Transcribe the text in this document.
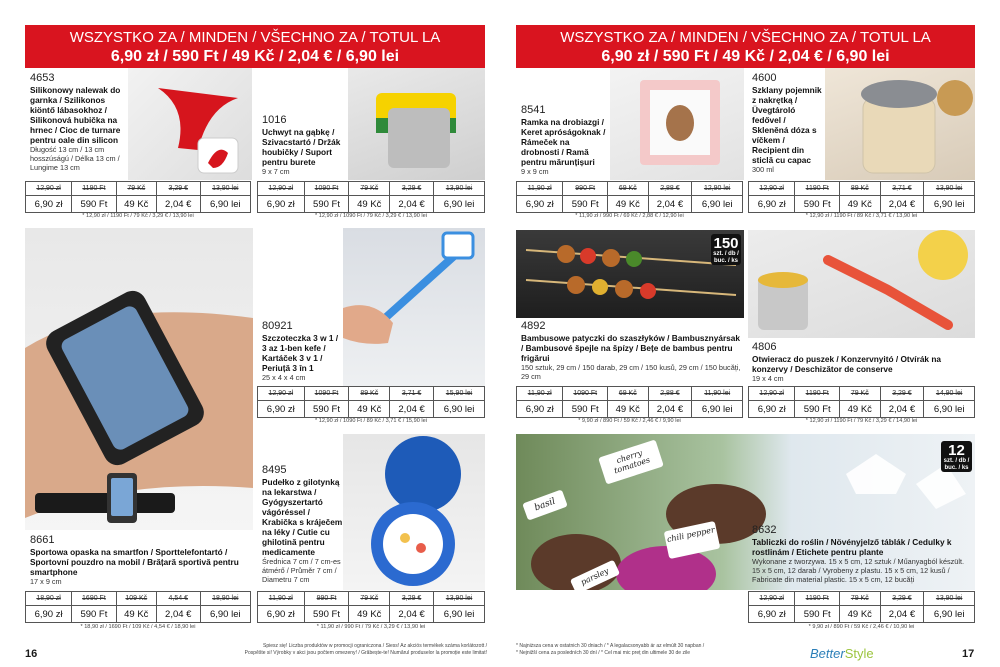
WSZYSTKO ZA / MINDEN / VŠECHNO ZA / TOTUL LA
6,90 zł / 590 Ft / 49 Kč / 2,04 € / 6,90 lei
4653
Silikonowy nalewak do garnka / Szilikonos kiöntő lábasokhoz / Silikonová hubička na hrnec / Cioc de turnare pentru oale din silicon
Długość 13 cm / 13 cm hosszúságú / Délka 13 cm / Lungime 13 cm
1016
Uchwyt na gąbkę / Szivacstartó / Držák houbičky / Suport pentru burete
9 x 7 cm
12,90 zł	1190 Ft	79 Kč	3,29 €	13,90 lei
6,90 zł	590 Ft	49 Kč	2,04 €	6,90 lei
* 12,90 zł / 1190 Ft / 79 Kč / 3,29 € / 13,90 lei
12,90 zł	1090 Ft	79 Kč	3,29 €	13,90 lei
6,90 zł	590 Ft	49 Kč	2,04 €	6,90 lei
* 12,90 zł / 1090 Ft / 79 Kč / 3,29 € / 13,90 lei
8661
Sportowa opaska na smartfon / Sporttelefontartó / Sportovní pouzdro na mobil / Brățară sportivă pentru smartphone
17 x 9 cm
80921
Szczoteczka 3 w 1 / 3 az 1-ben kefe / Kartáček 3 v 1 / Periuță 3 în 1
25 x 4 x 4 cm
12,90 zł	1090 Ft	89 Kč	3,71 €	15,90 lei
6,90 zł	590 Ft	49 Kč	2,04 €	6,90 lei
* 12,90 zł / 1090 Ft / 89 Kč / 3,71 € / 15,90 lei
8495
Pudełko z gilotynką na lekarstwa / Gyógyszertartó vágóréssel / Krabička s kráječem na léky / Cutie cu ghilotină pentru medicamente
Średnica 7 cm / 7 cm-es átmérő / Průměr 7 cm / Diametru 7 cm
18,90 zł	1690 Ft	109 Kč	4,54 €	18,90 lei
6,90 zł	590 Ft	49 Kč	2,04 €	6,90 lei
* 18,90 zł / 1690 Ft / 109 Kč / 4,54 € / 18,90 lei
11,90 zł	990 Ft	79 Kč	3,29 €	13,90 lei
6,90 zł	590 Ft	49 Kč	2,04 €	6,90 lei
* 11,90 zł / 990 Ft / 79 Kč / 3,29 € / 13,90 lei
16
Spiesz się! Liczba produktów w promocji ograniczona / Siess! Az akciós termékek száma korlátozott /
Pospěšte si! Výrobky v akci jsou počtem omezeny! / Grăbește-te! Numărul produselor la promoție este limitat!
WSZYSTKO ZA / MINDEN / VŠECHNO ZA / TOTUL LA
6,90 zł / 590 Ft / 49 Kč / 2,04 € / 6,90 lei
8541
Ramka na drobiazgi / Keret apróságoknak / Rámeček na drobnosti / Ramă pentru mărunțișuri
9 x 9 cm
4600
Szklany pojemnik z nakrętką / Üvegtároló fedővel / Skleněná dóza s víčkem / Recipient din sticlă cu capac
300 ml
11,90 zł	990 Ft	69 Kč	2,88 €	12,90 lei
6,90 zł	590 Ft	49 Kč	2,04 €	6,90 lei
* 11,90 zł / 990 Ft / 69 Kč / 2,88 € / 12,90 lei
12,90 zł	1190 Ft	89 Kč	3,71 €	13,90 lei
6,90 zł	590 Ft	49 Kč	2,04 €	6,90 lei
* 12,90 zł / 1190 Ft / 89 Kč / 3,71 € / 13,90 lei
150
szt. / db / buc. / ks
4892
Bambusowe patyczki do szaszłyków / Bambusznyársak / Bambusové špejle na špízy / Bețe de bambus pentru frigărui
150 sztuk, 29 cm / 150 darab, 29 cm / 150 kusů, 29 cm / 150 bucăți, 29 cm
4806
Otwieracz do puszek / Konzervnyitó / Otvírák na konzervy / Deschizător de conserve
19 x 4 cm
11,90 zł	1090 Ft	69 Kč	2,88 €	11,90 lei
6,90 zł	590 Ft	49 Kč	2,04 €	6,90 lei
* 9,90 zł / 890 Ft / 59 Kč / 2,46 € / 9,90 lei
12,90 zł	1190 Ft	79 Kč	3,29 €	14,90 lei
6,90 zł	590 Ft	49 Kč	2,04 €	6,90 lei
* 12,90 zł / 1190 Ft / 79 Kč / 3,29 € / 14,90 lei
basil
cherry tomatoes
chili pepper
parsley
12
szt. / db / buc. / ks
8632
Tabliczki do roślin / Növényjelző táblák / Cedulky k rostlinám / Etichete pentru plante
Wykonane z tworzywa. 15 x 5 cm, 12 sztuk / Műanyagból készült. 15 x 5 cm, 12 darab / Vyrobeny z plastu. 15 x 5 cm, 12 kusů / Fabricate din material plastic. 15 x 5 cm, 12 bucăți
12,90 zł	1190 Ft	79 Kč	3,29 €	13,90 lei
6,90 zł	590 Ft	49 Kč	2,04 €	6,90 lei
* 9,90 zł / 890 Ft / 59 Kč / 2,46 € / 10,90 lei
* Najniższa cena w ostatnich 30 dniach / * A legalacsonyabb ár az elmúlt 30 napban /
* Nejnižší cena za posledních 30 dní / * Cel mai mic preț din ultimele 30 de zile	17
BetterStyle
